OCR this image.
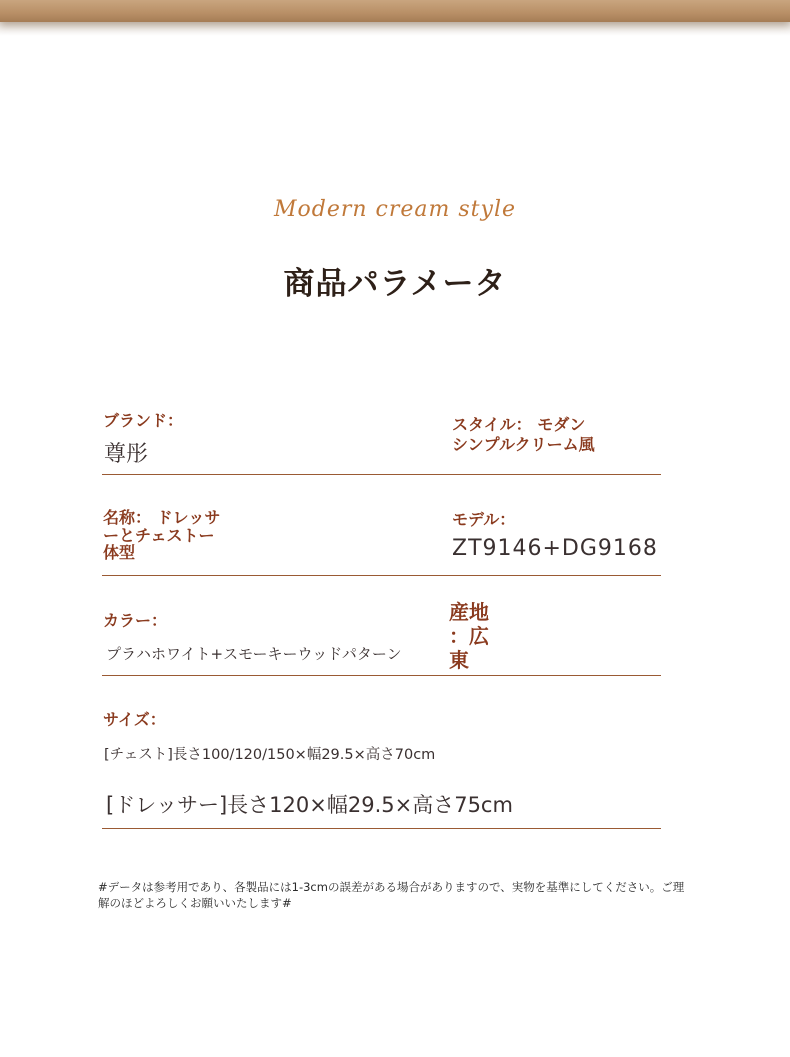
Modern cream style
商品パラメータ
ブランド：
尊彤
スタイル： モダン
シンプルクリーム風
名称： ドレッサ
ーとチェストー
体型
モデル：
ZT9146+DG9168
カラー：
プラハホワイト+スモーキーウッドパターン
産地
：広
東
サイズ：
[チェスト]長さ100/120/150×幅29.5×高さ70cm
[ドレッサー]長さ120×幅29.5×高さ75cm
#データは参考用であり、各製品には1-3cmの誤差がある場合がありますので、実物を基準にしてください。ご理
解のほどよろしくお願いいたします#
